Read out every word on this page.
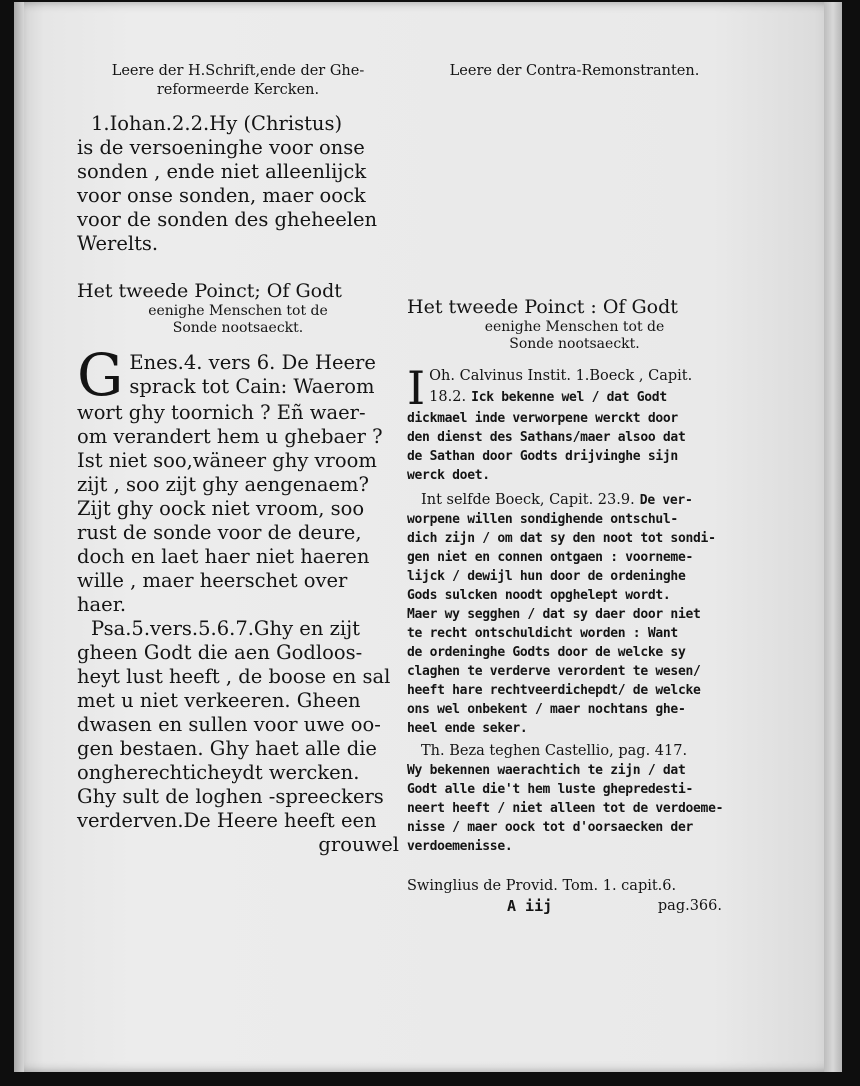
Leere der H.Schrift,ende der Ghe-
reformeerde Kercken.
1.Iohan.2.2.Hy (Christus)
is de versoeninghe voor onse
sonden , ende niet alleenlijck
voor onse sonden, maer oock
voor de sonden des gheheelen
Werelts.
Het tweede Poinct; Of Godt
eenighe Menschen tot de
Sonde nootsaeckt.
G Enes.4. vers 6. De Heere
sprack tot Cain: Waerom
wort ghy toornich ? Eñ waer-
om verandert hem u ghebaer ?
Ist niet soo,wäneer ghy vroom
zijt , soo zijt ghy aengenaem?
Zijt ghy oock niet vroom, soo
rust de sonde voor de deure,
doch en laet haer niet haeren
wille , maer heerschet over
haer.
Psa.5.vers.5.6.7.Ghy en zijt
gheen Godt die aen Godloos-
heyt lust heeft , de boose en sal
met u niet verkeeren. Gheen
dwasen en sullen voor uwe oo-
gen bestaen. Ghy haet alle die
ongherechticheydt wercken.
Ghy sult de loghen -spreeckers
verderven.De Heere heeft een
grouwel
Leere der Contra-Remonstranten.
Het tweede Poinct : Of Godt
eenighe Menschen tot de
Sonde nootsaeckt.
I Oh. Calvinus Instit. 1.Boeck , Capit.
18.2. Ick bekenne wel / dat Godt
dickmael inde verworpene werckt door
den dienst des Sathans/maer alsoo dat
de Sathan door Godts drijvinghe sijn
werck doet.
Int selfde Boeck, Capit. 23.9. De ver-
worpene willen sondighende ontschul-
dich zijn / om dat sy den noot tot sondi-
gen niet en connen ontgaen : voorneme-
lijck / dewijl hun door de ordeninghe
Gods sulcken noodt opghelept wordt.
Maer wy segghen / dat sy daer door niet
te recht ontschuldicht worden : Want
de ordeninghe Godts door de welcke sy
claghen te verderve verordent te wesen/
heeft hare rechtveerdichepdt/ de welcke
ons wel onbekent / maer nochtans ghe-
heel ende seker.
Th. Beza teghen Castellio, pag. 417.
Wy bekennen waerachtich te zijn / dat
Godt alle die't hem luste ghepredesti-
neert heeft / niet alleen tot de verdoeme-
nisse / maer oock tot d'oorsaecken der
verdoemenisse.
Swinglius de Provid. Tom. 1. capit.6.
A iij	pag.366.
